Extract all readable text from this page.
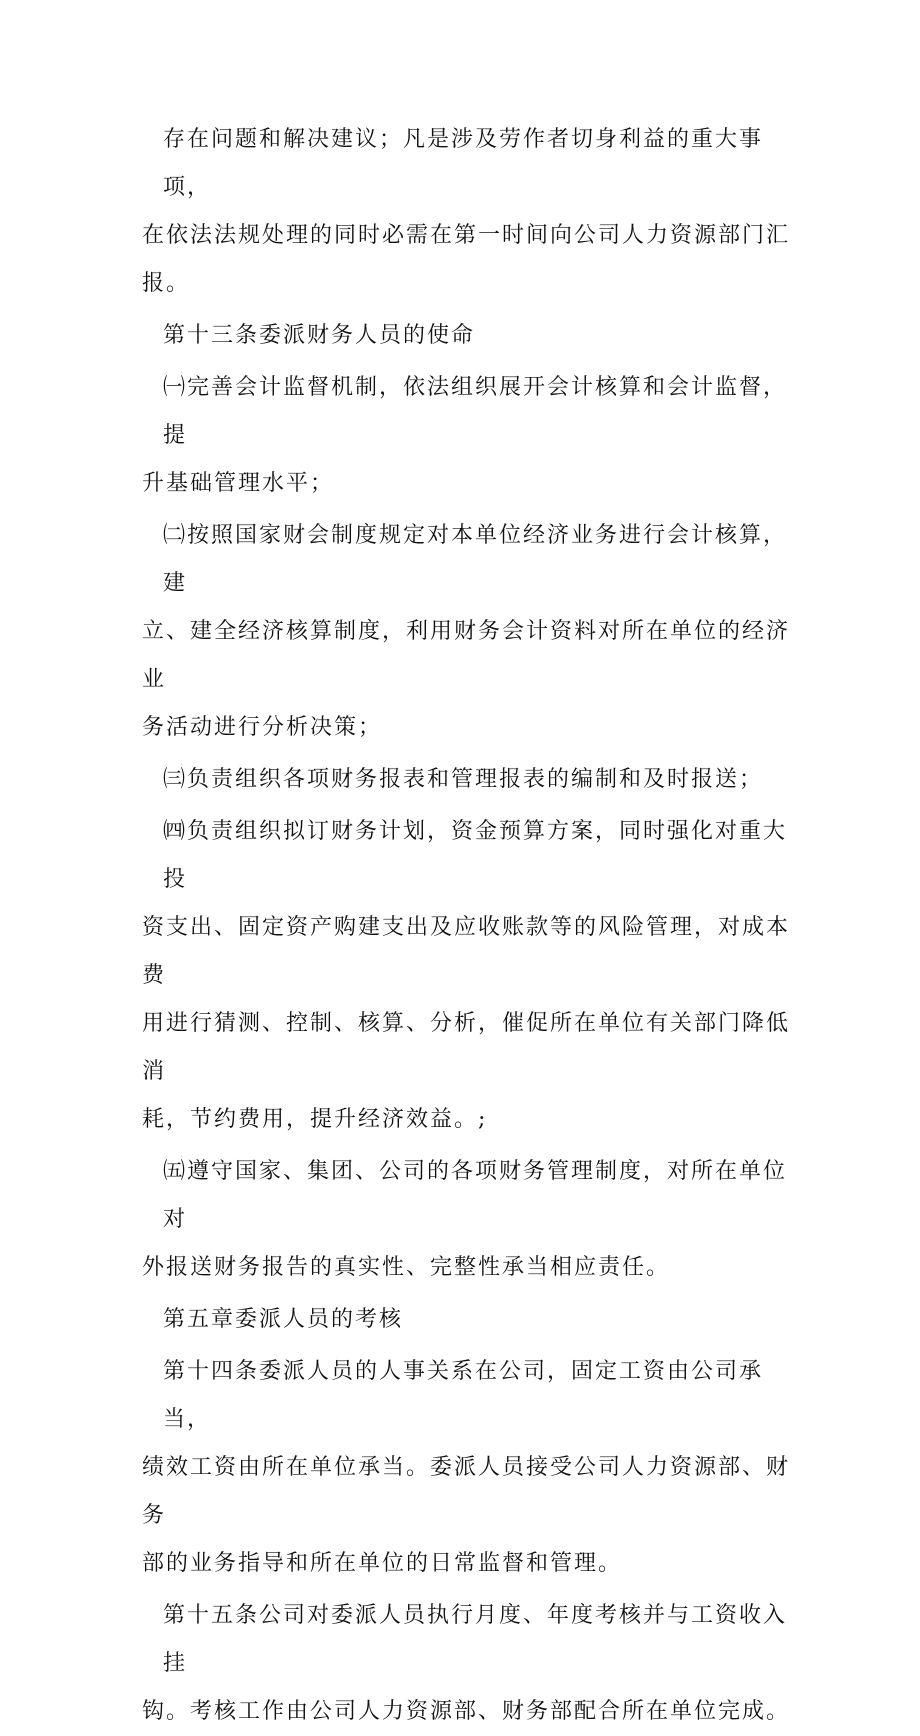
存在问题和解决建议；凡是涉及劳作者切身利益的重大事项，
在依法法规处理的同时必需在第一时间向公司人力资源部门汇
报。
第十三条委派财务人员的使命
㈠完善会计监督机制，依法组织展开会计核算和会计监督，提
升基础管理水平；
㈡按照国家财会制度规定对本单位经济业务进行会计核算，建
立、建全经济核算制度，利用财务会计资料对所在单位的经济业
务活动进行分析决策；
㈢负责组织各项财务报表和管理报表的编制和及时报送；
㈣负责组织拟订财务计划，资金预算方案，同时强化对重大投
资支出、固定资产购建支出及应收账款等的风险管理，对成本费
用进行猜测、控制、核算、分析，催促所在单位有关部门降低消
耗，节约费用，提升经济效益。;
㈤遵守国家、集团、公司的各项财务管理制度，对所在单位对
外报送财务报告的真实性、完整性承当相应责任。
第五章委派人员的考核
第十四条委派人员的人事关系在公司，固定工资由公司承当，
绩效工资由所在单位承当。委派人员接受公司人力资源部、财务
部的业务指导和所在单位的日常监督和管理。
第十五条公司对委派人员执行月度、年度考核并与工资收入挂
钩。考核工作由公司人力资源部、财务部配合所在单位完成。
